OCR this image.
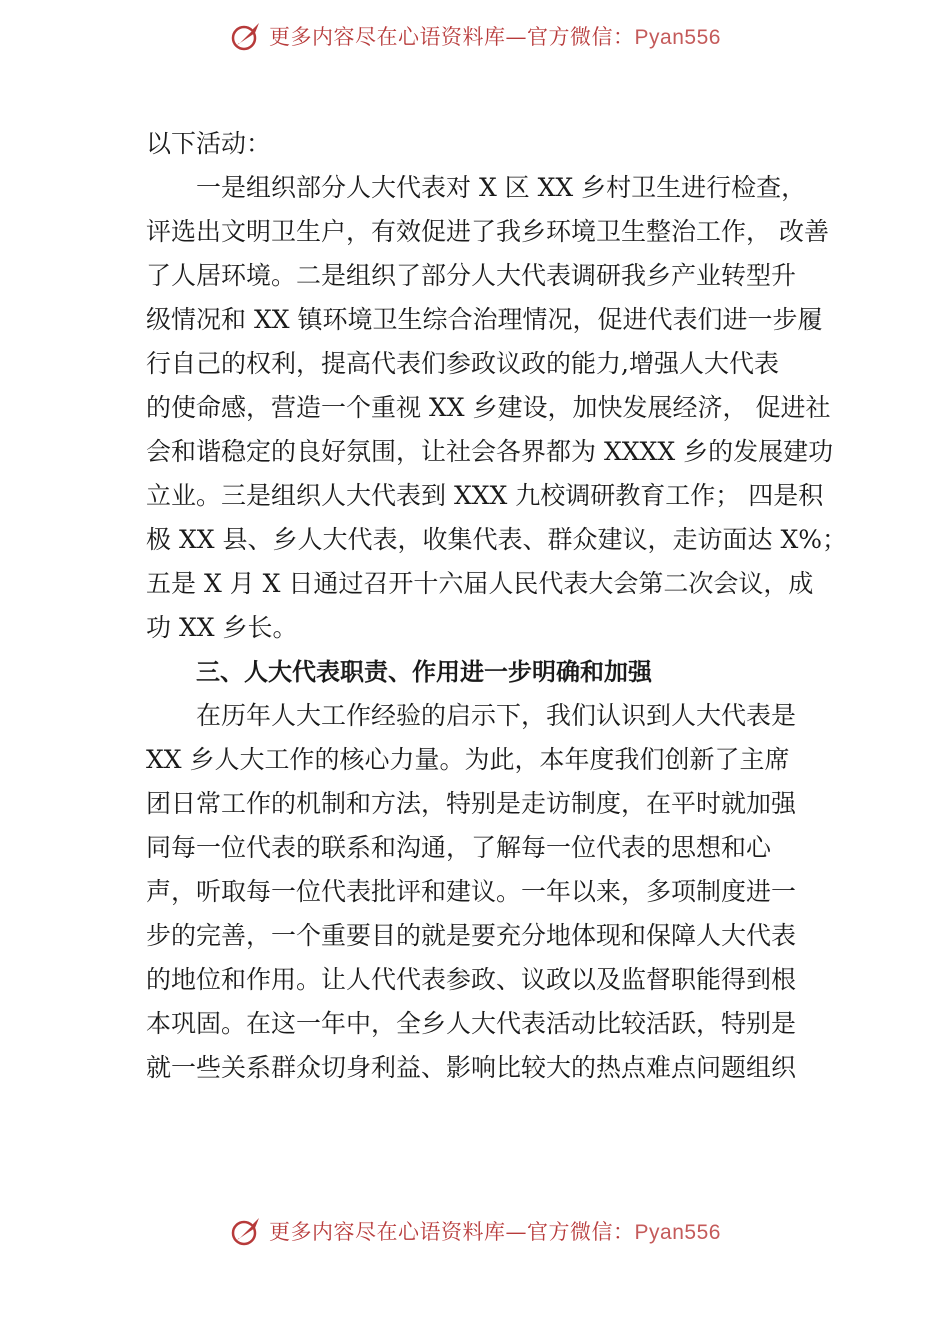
更多内容尽在心语资料库—官方微信：Pyan556
以下活动：
一是组织部分人大代表对 X 区 XX 乡村卫生进行检查，
评选出文明卫生户，有效促进了我乡环境卫生整治工作， 改善
了人居环境。二是组织了部分人大代表调研我乡产业转型升
级情况和 XX 镇环境卫生综合治理情况，促进代表们进一步履
行自己的权利，提高代表们参政议政的能力,增强人大代表
的使命感，营造一个重视 XX 乡建设，加快发展经济， 促进社
会和谐稳定的良好氛围，让社会各界都为 XXXX 乡的发展建功
立业。三是组织人大代表到 XXX 九校调研教育工作； 四是积
极 XX 县、乡人大代表，收集代表、群众建议，走访面达 X%；
五是 X 月 X 日通过召开十六届人民代表大会第二次会议，成
功 XX 乡长。
三、人大代表职责、作用进一步明确和加强
在历年人大工作经验的启示下，我们认识到人大代表是
XX 乡人大工作的核心力量。为此，本年度我们创新了主席
团日常工作的机制和方法，特别是走访制度，在平时就加强
同每一位代表的联系和沟通，了解每一位代表的思想和心
声，听取每一位代表批评和建议。一年以来，多项制度进一
步的完善，一个重要目的就是要充分地体现和保障人大代表
的地位和作用。让人代代表参政、议政以及监督职能得到根
本巩固。在这一年中，全乡人大代表活动比较活跃，特别是
就一些关系群众切身利益、影响比较大的热点难点问题组织
更多内容尽在心语资料库—官方微信：Pyan556
